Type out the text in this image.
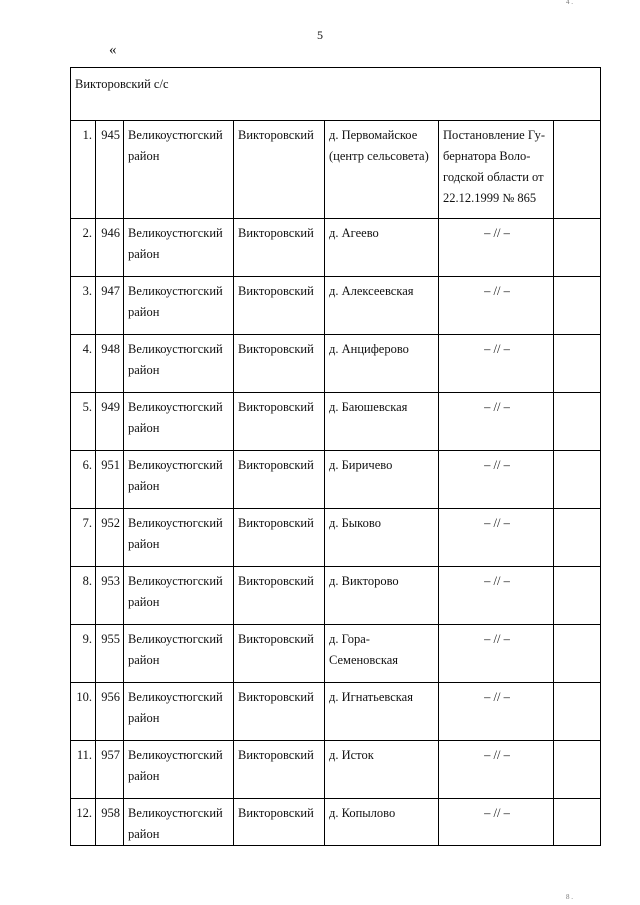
4 .
5
«
Викторовский с/с						
1.	945	Великоустюгский район	Викторовский	д. Первомайское (центр сельсовета)	Постановление Гу-бернатора Воло-годской области от 22.12.1999 № 865	
2.	946	Великоустюгский район	Викторовский	д. Агеево	– // –	
3.	947	Великоустюгский район	Викторовский	д. Алексеевская	– // –	
4.	948	Великоустюгский район	Викторовский	д. Анциферово	– // –	
5.	949	Великоустюгский район	Викторовский	д. Баюшевская	– // –	
6.	951	Великоустюгский район	Викторовский	д. Биричево	– // –	
7.	952	Великоустюгский район	Викторовский	д. Быково	– // –	
8.	953	Великоустюгский район	Викторовский	д. Викторово	– // –	
9.	955	Великоустюгский район	Викторовский	д. Гора-Семеновская	– // –	
10.	956	Великоустюгский район	Викторовский	д. Игнатьевская	– // –	
11.	957	Великоустюгский район	Викторовский	д. Исток	– // –	
12.	958	Великоустюгский район	Викторовский	д. Копылово	– // –	
8 .
